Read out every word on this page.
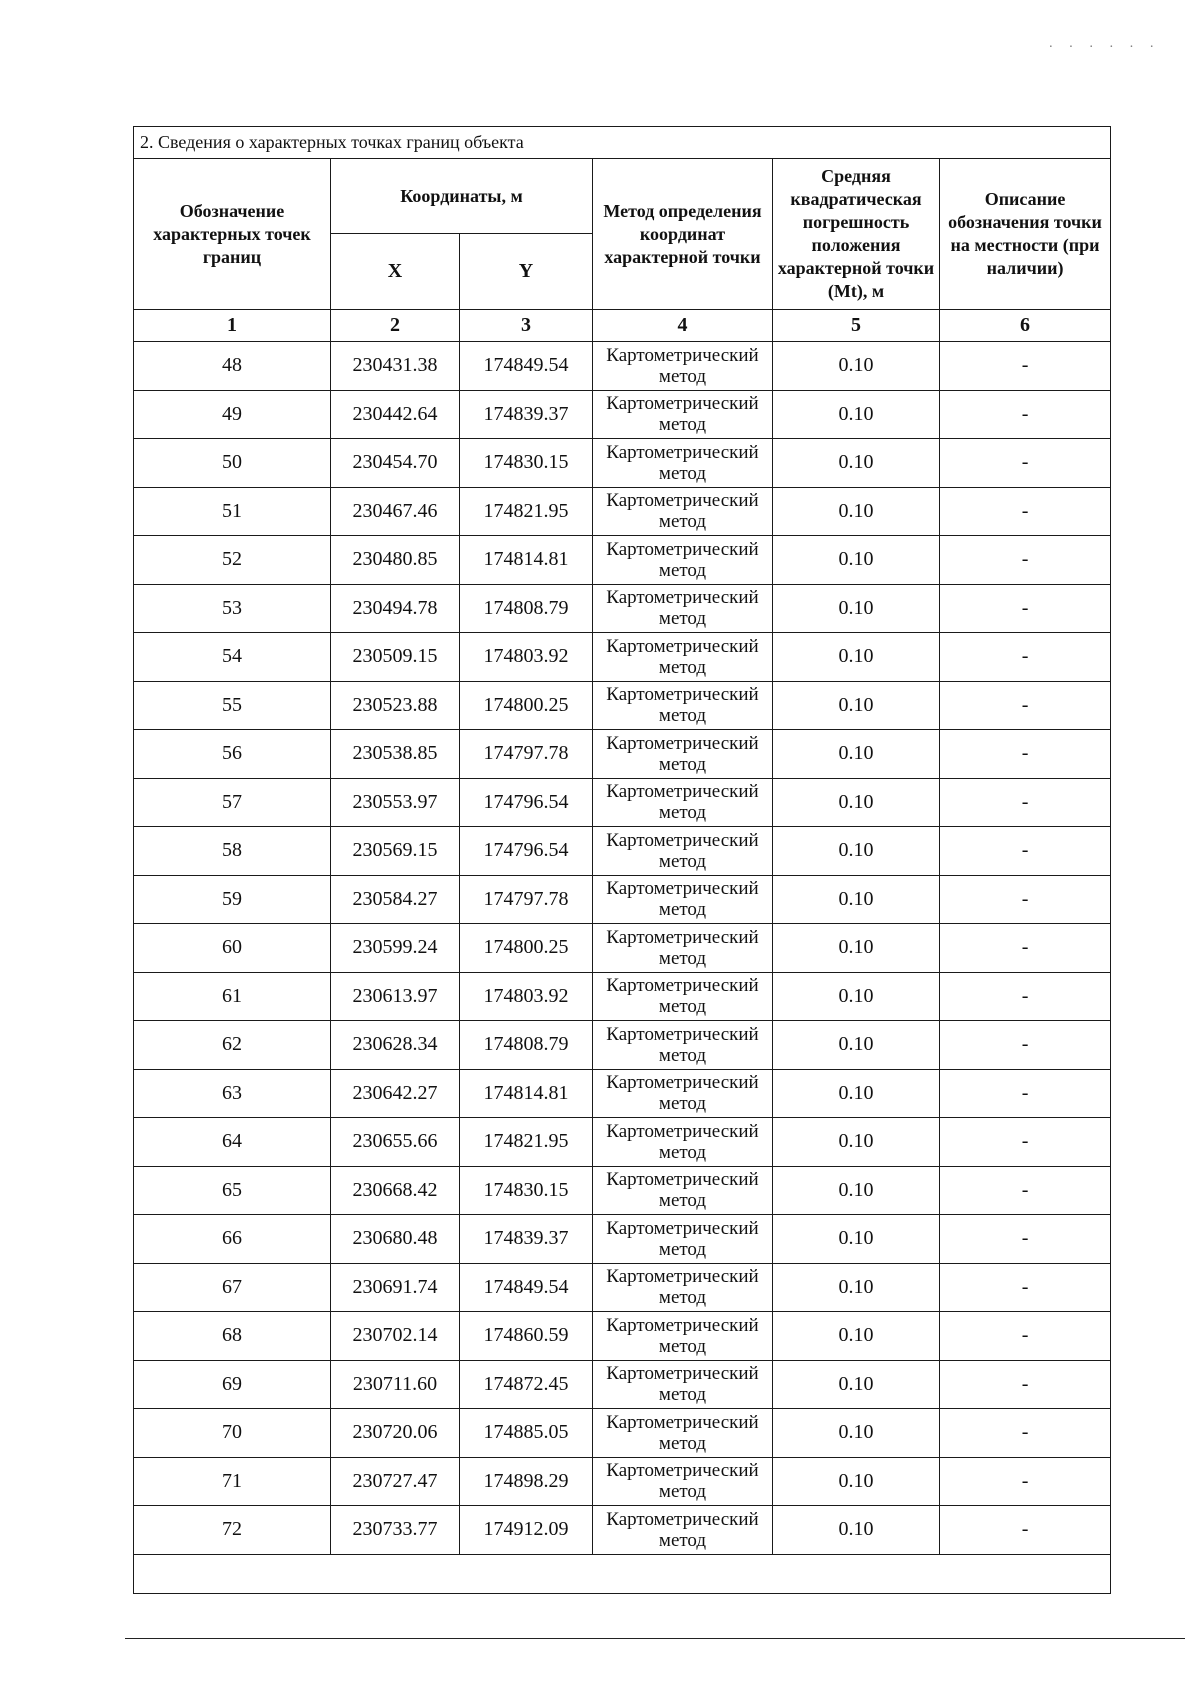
· · · · · ·
2. Сведения о характерных точках границ объекта					
Обозначение характерных точек границ	Координаты, м		Метод определения координат характерной точки	Средняя квадратическая погрешность положения характерной точки (Mt), м	Описание обозначения точки на местности (при наличии)
	X	Y			
1	2	3	4	5	6
48	230431.38	174849.54	Картометрический метод	0.10	-
49	230442.64	174839.37	Картометрический метод	0.10	-
50	230454.70	174830.15	Картометрический метод	0.10	-
51	230467.46	174821.95	Картометрический метод	0.10	-
52	230480.85	174814.81	Картометрический метод	0.10	-
53	230494.78	174808.79	Картометрический метод	0.10	-
54	230509.15	174803.92	Картометрический метод	0.10	-
55	230523.88	174800.25	Картометрический метод	0.10	-
56	230538.85	174797.78	Картометрический метод	0.10	-
57	230553.97	174796.54	Картометрический метод	0.10	-
58	230569.15	174796.54	Картометрический метод	0.10	-
59	230584.27	174797.78	Картометрический метод	0.10	-
60	230599.24	174800.25	Картометрический метод	0.10	-
61	230613.97	174803.92	Картометрический метод	0.10	-
62	230628.34	174808.79	Картометрический метод	0.10	-
63	230642.27	174814.81	Картометрический метод	0.10	-
64	230655.66	174821.95	Картометрический метод	0.10	-
65	230668.42	174830.15	Картометрический метод	0.10	-
66	230680.48	174839.37	Картометрический метод	0.10	-
67	230691.74	174849.54	Картометрический метод	0.10	-
68	230702.14	174860.59	Картометрический метод	0.10	-
69	230711.60	174872.45	Картометрический метод	0.10	-
70	230720.06	174885.05	Картометрический метод	0.10	-
71	230727.47	174898.29	Картометрический метод	0.10	-
72	230733.77	174912.09	Картометрический метод	0.10	-
